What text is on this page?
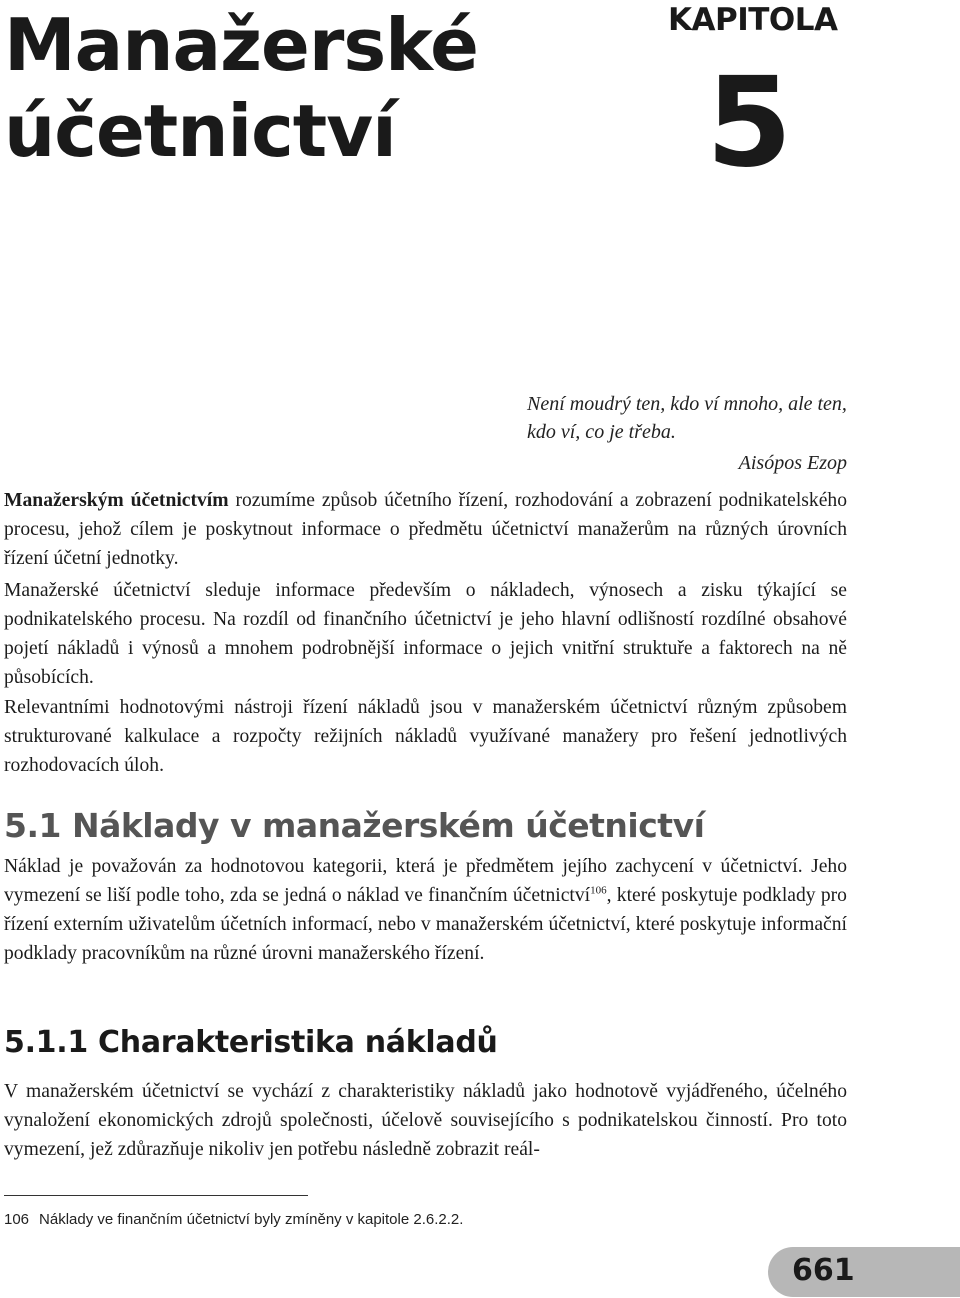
Manažerské
účetnictví
KAPITOLA
5
Není moudrý ten, kdo ví mnoho, ale ten, kdo ví, co je třeba.
Aisópos Ezop

Manažerským účetnictvím rozumíme způsob účetního řízení, rozhodování a zobrazení podnikatelského procesu, jehož cílem je poskytnout informace o předmětu účetnictví manažerům na různých úrovních řízení účetní jednotky.

Manažerské účetnictví sleduje informace především o nákladech, výnosech a zisku týkající se podnikatelského procesu. Na rozdíl od finančního účetnictví je jeho hlavní odlišností rozdílné obsahové pojetí nákladů i výnosů a mnohem podrobnější informace o jejich vnitřní struktuře a faktorech na ně působících.

Relevantními hodnotovými nástroji řízení nákladů jsou v manažerském účetnictví různým způsobem strukturované kalkulace a rozpočty režijních nákladů využívané manažery pro řešení jednotlivých rozhodovacích úloh.

5.1 Náklady v manažerském účetnictví

Náklad je považován za hodnotovou kategorii, která je předmětem jejího zachycení v účetnictví. Jeho vymezení se liší podle toho, zda se jedná o náklad ve finančním účetnictví$^{106}$, které poskytuje podklady pro řízení externím uživatelům účetních informací, nebo v manažerském účetnictví, které poskytuje informační podklady pracovníkům na různé úrovni manažerského řízení.

5.1.1 Charakteristika nákladů

V manažerském účetnictví se vychází z charakteristiky nákladů jako hodnotově vyjádřeného, účelného vynaložení ekonomických zdrojů společnosti, účelově souvisejícího s podnikatelskou činností. Pro toto vymezení, jež zdůrazňuje nikoliv jen potřebu následně zobrazit reál-

106 Náklady ve finančním účetnictví byly zmíněny v kapitole 2.6.2.2.
661
